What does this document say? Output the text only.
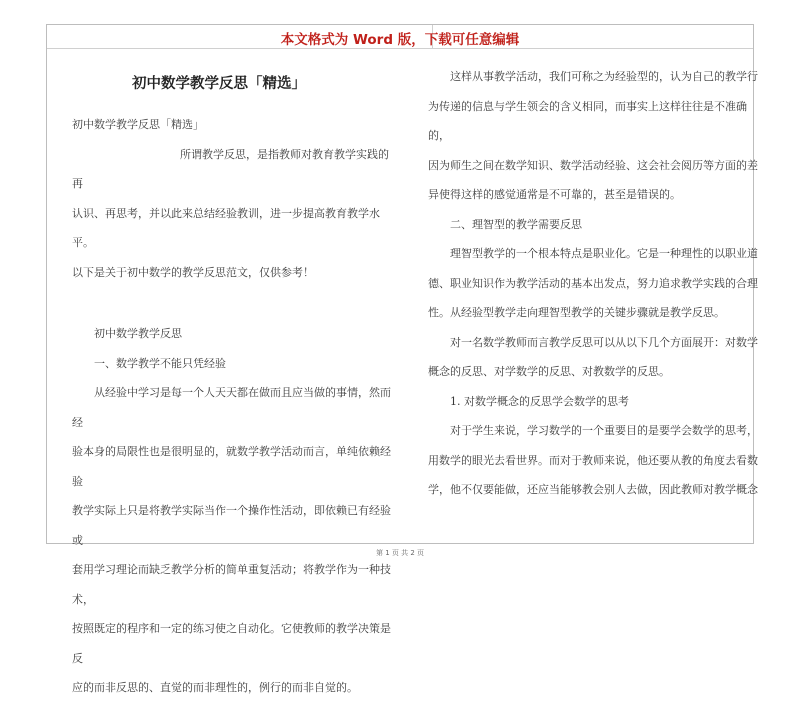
本文格式为 Word 版，下载可任意编辑
初中数学教学反思「精选」

初中数学教学反思「精选」

所谓教学反思，是指教师对教育教学实践的再

认识、再思考，并以此来总结经验教训，进一步提高教育教学水平。

以下是关于初中数学的教学反思范文，仅供参考！

初中数学教学反思

一、数学教学不能只凭经验

从经验中学习是每一个人天天都在做而且应当做的事情，然而经

验本身的局限性也是很明显的，就数学教学活动而言，单纯依赖经验

教学实际上只是将教学实际当作一个操作性活动，即依赖已有经验或

套用学习理论而缺乏教学分析的简单重复活动；将教学作为一种技术，

按照既定的程序和一定的练习使之自动化。它使教师的教学决策是反

应的而非反思的、直觉的而非理性的，例行的而非自觉的。

这样从事教学活动，我们可称之为经验型的，认为自己的教学行

为传递的信息与学生领会的含义相同，而事实上这样往往是不准确的，

因为师生之间在数学知识、数学活动经验、这会社会阅历等方面的差

异使得这样的感觉通常是不可靠的，甚至是错误的。

二、理智型的教学需要反思

理智型教学的一个根本特点是职业化。它是一种理性的以职业道

德、职业知识作为教学活动的基本出发点，努力追求教学实践的合理

性。从经验型教学走向理智型教学的关键步骤就是教学反思。

对一名数学教师而言教学反思可以从以下几个方面展开：对数学

概念的反思、对学数学的反思、对教数学的反思。

1. 对数学概念的反思学会数学的思考

对于学生来说，学习数学的一个重要目的是要学会数学的思考，

用数学的眼光去看世界。而对于教师来说，他还要从教的角度去看数

学，他不仅要能做，还应当能够教会别人去做，因此教师对教学概念

第 1 页 共 2 页
